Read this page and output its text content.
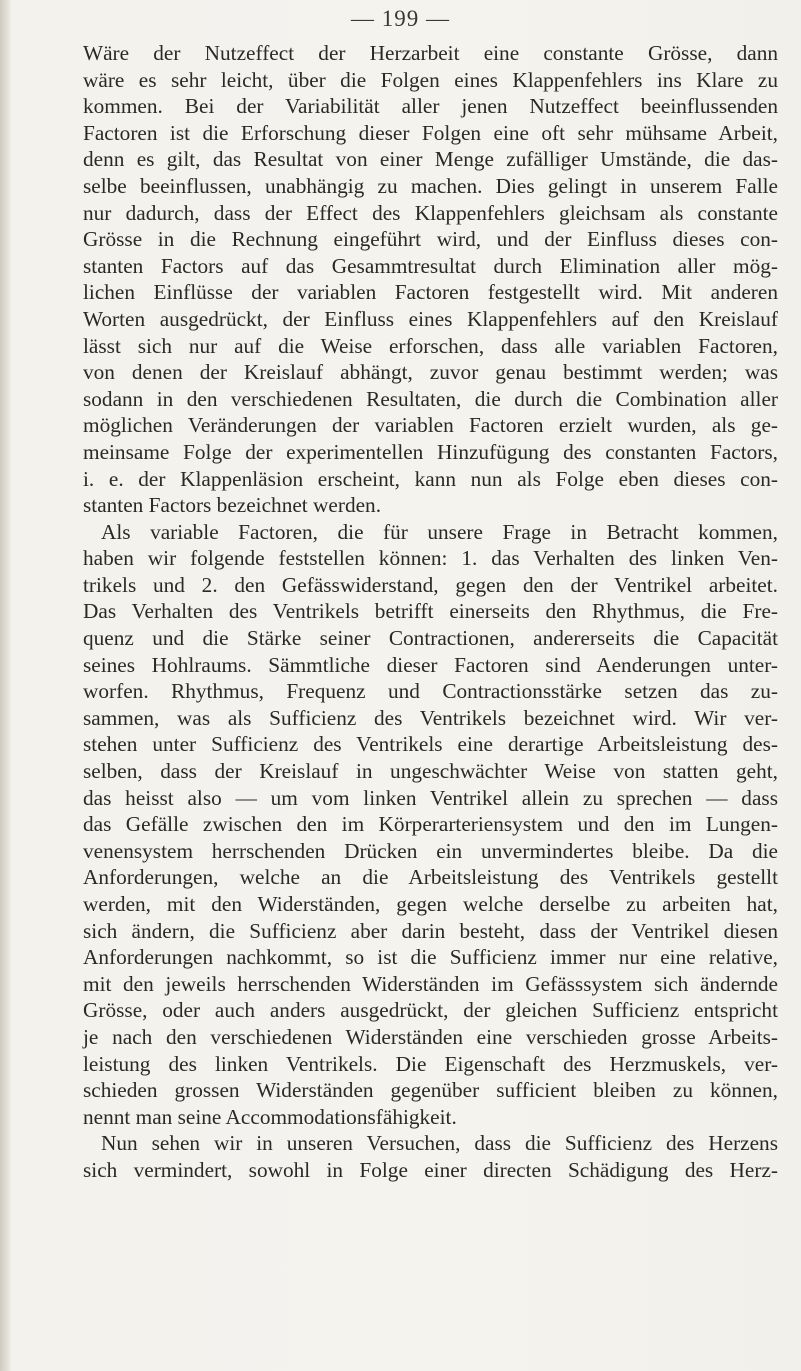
— 199 —
Wäre der Nutzeffect der Herzarbeit eine constante Grösse, dann
wäre es sehr leicht, über die Folgen eines Klappenfehlers ins Klare zu
kommen. Bei der Variabilität aller jenen Nutzeffect beeinflussenden
Factoren ist die Erforschung dieser Folgen eine oft sehr mühsame Arbeit,
denn es gilt, das Resultat von einer Menge zufälliger Umstände, die das-
selbe beeinflussen, unabhängig zu machen. Dies gelingt in unserem Falle
nur dadurch, dass der Effect des Klappenfehlers gleichsam als constante
Grösse in die Rechnung eingeführt wird, und der Einfluss dieses con-
stanten Factors auf das Gesammtresultat durch Elimination aller mög-
lichen Einflüsse der variablen Factoren festgestellt wird. Mit anderen
Worten ausgedrückt, der Einfluss eines Klappenfehlers auf den Kreislauf
lässt sich nur auf die Weise erforschen, dass alle variablen Factoren,
von denen der Kreislauf abhängt, zuvor genau bestimmt werden; was
sodann in den verschiedenen Resultaten, die durch die Combination aller
möglichen Veränderungen der variablen Factoren erzielt wurden, als ge-
meinsame Folge der experimentellen Hinzufügung des constanten Factors,
i. e. der Klappenläsion erscheint, kann nun als Folge eben dieses con-
stanten Factors bezeichnet werden.
Als variable Factoren, die für unsere Frage in Betracht kommen,
haben wir folgende feststellen können: 1. das Verhalten des linken Ven-
trikels und 2. den Gefässwiderstand, gegen den der Ventrikel arbeitet.
Das Verhalten des Ventrikels betrifft einerseits den Rhythmus, die Fre-
quenz und die Stärke seiner Contractionen, andererseits die Capacität
seines Hohlraums. Sämmtliche dieser Factoren sind Aenderungen unter-
worfen. Rhythmus, Frequenz und Contractionsstärke setzen das zu-
sammen, was als Sufficienz des Ventrikels bezeichnet wird. Wir ver-
stehen unter Sufficienz des Ventrikels eine derartige Arbeitsleistung des-
selben, dass der Kreislauf in ungeschwächter Weise von statten geht,
das heisst also — um vom linken Ventrikel allein zu sprechen — dass
das Gefälle zwischen den im Körperarteriensystem und den im Lungen-
venensystem herrschenden Drücken ein unvermindertes bleibe. Da die
Anforderungen, welche an die Arbeitsleistung des Ventrikels gestellt
werden, mit den Widerständen, gegen welche derselbe zu arbeiten hat,
sich ändern, die Sufficienz aber darin besteht, dass der Ventrikel diesen
Anforderungen nachkommt, so ist die Sufficienz immer nur eine relative,
mit den jeweils herrschenden Widerständen im Gefässsystem sich ändernde
Grösse, oder auch anders ausgedrückt, der gleichen Sufficienz entspricht
je nach den verschiedenen Widerständen eine verschieden grosse Arbeits-
leistung des linken Ventrikels. Die Eigenschaft des Herzmuskels, ver-
schieden grossen Widerständen gegenüber sufficient bleiben zu können,
nennt man seine Accommodationsfähigkeit.
Nun sehen wir in unseren Versuchen, dass die Sufficienz des Herzens
sich vermindert, sowohl in Folge einer directen Schädigung des Herz-
